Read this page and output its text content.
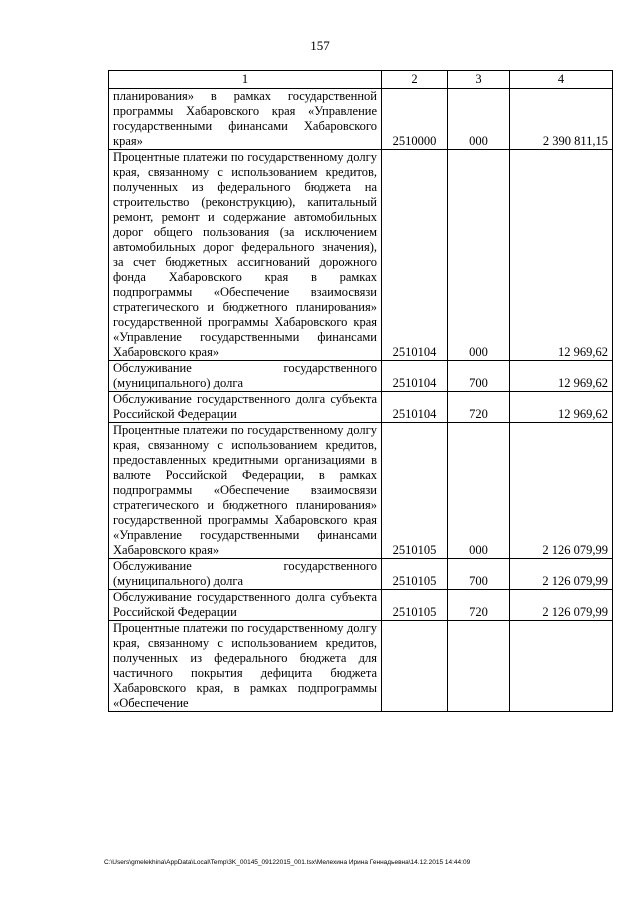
157
1	2	3	4
планирования» в рамках государственной программы Хабаровского края «Управление государственными финансами Хабаровского края»	2510000	000	2 390 811,15
Процентные платежи по государственному долгу края, связанному с использованием кредитов, полученных из федерального бюджета на строительство (реконструкцию), капитальный ремонт, ремонт и содержание автомобильных дорог общего пользования (за исключением автомобильных дорог федерального значения), за счет бюджетных ассигнований дорожного фонда Хабаровского края в рамках подпрограммы «Обеспечение взаимосвязи стратегического и бюджетного планирования» государственной программы Хабаровского края «Управление государственными финансами Хабаровского края»	2510104	000	12 969,62
Обслуживание государственного (муниципального) долга	2510104	700	12 969,62
Обслуживание государственного долга субъекта Российской Федерации	2510104	720	12 969,62
Процентные платежи по государственному долгу края, связанному с использованием кредитов, предоставленных кредитными организациями в валюте Российской Федерации, в рамках подпрограммы «Обеспечение взаимосвязи стратегического и бюджетного планирования» государственной программы Хабаровского края «Управление государственными финансами Хабаровского края»	2510105	000	2 126 079,99
Обслуживание государственного (муниципального) долга	2510105	700	2 126 079,99
Обслуживание государственного долга субъекта Российской Федерации	2510105	720	2 126 079,99
Процентные платежи по государственному долгу края, связанному с использованием кредитов, полученных из федерального бюджета для частичного покрытия дефицита бюджета Хабаровского края, в рамках подпрограммы «Обеспечение			
C:\Users\gmelekhina\AppData\Local\Temp\3K_00145_09122015_001.tsx\Мелехина Ирина Геннадьевна\14.12.2015 14:44:09
